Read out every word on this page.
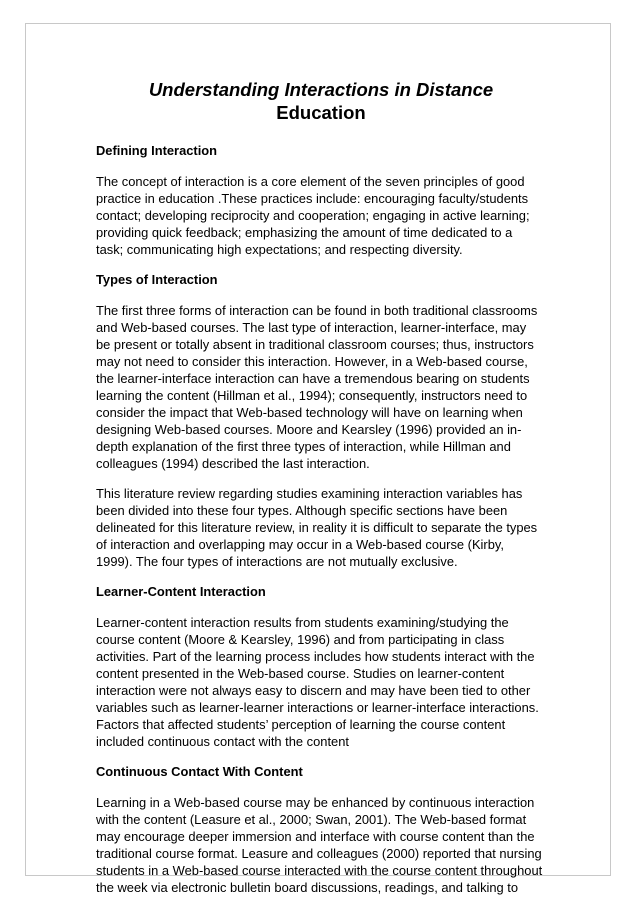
Understanding Interactions in Distance
Education
Defining Interaction

The concept of interaction is a core element of the seven principles of good
practice in education .These practices include: encouraging faculty/students
contact; developing reciprocity and cooperation; engaging in active learning;
providing quick feedback; emphasizing the amount of time dedicated to a
task; communicating high expectations; and respecting diversity.

Types of Interaction

The first three forms of interaction can be found in both traditional classrooms
and Web-based courses. The last type of interaction, learner-interface, may
be present or totally absent in traditional classroom courses; thus, instructors
may not need to consider this interaction. However, in a Web-based course,
the learner-interface interaction can have a tremendous bearing on students
learning the content (Hillman et al., 1994); consequently, instructors need to
consider the impact that Web-based technology will have on learning when
designing Web-based courses. Moore and Kearsley (1996) provided an in-
depth explanation of the first three types of interaction, while Hillman and
colleagues (1994) described the last interaction.

This literature review regarding studies examining interaction variables has
been divided into these four types. Although specific sections have been
delineated for this literature review, in reality it is difficult to separate the types
of interaction and overlapping may occur in a Web-based course (Kirby,
1999). The four types of interactions are not mutually exclusive.

Learner-Content Interaction

Learner-content interaction results from students examining/studying the
course content (Moore & Kearsley, 1996) and from participating in class
activities. Part of the learning process includes how students interact with the
content presented in the Web-based course. Studies on learner-content
interaction were not always easy to discern and may have been tied to other
variables such as learner-learner interactions or learner-interface interactions.
Factors that affected students’ perception of learning the course content
included continuous contact with the content

Continuous Contact With Content

Learning in a Web-based course may be enhanced by continuous interaction
with the content (Leasure et al., 2000; Swan, 2001). The Web-based format
may encourage deeper immersion and interface with course content than the
traditional course format. Leasure and colleagues (2000) reported that nursing
students in a Web-based course interacted with the course content throughout
the week via electronic bulletin board discussions, readings, and talking to
